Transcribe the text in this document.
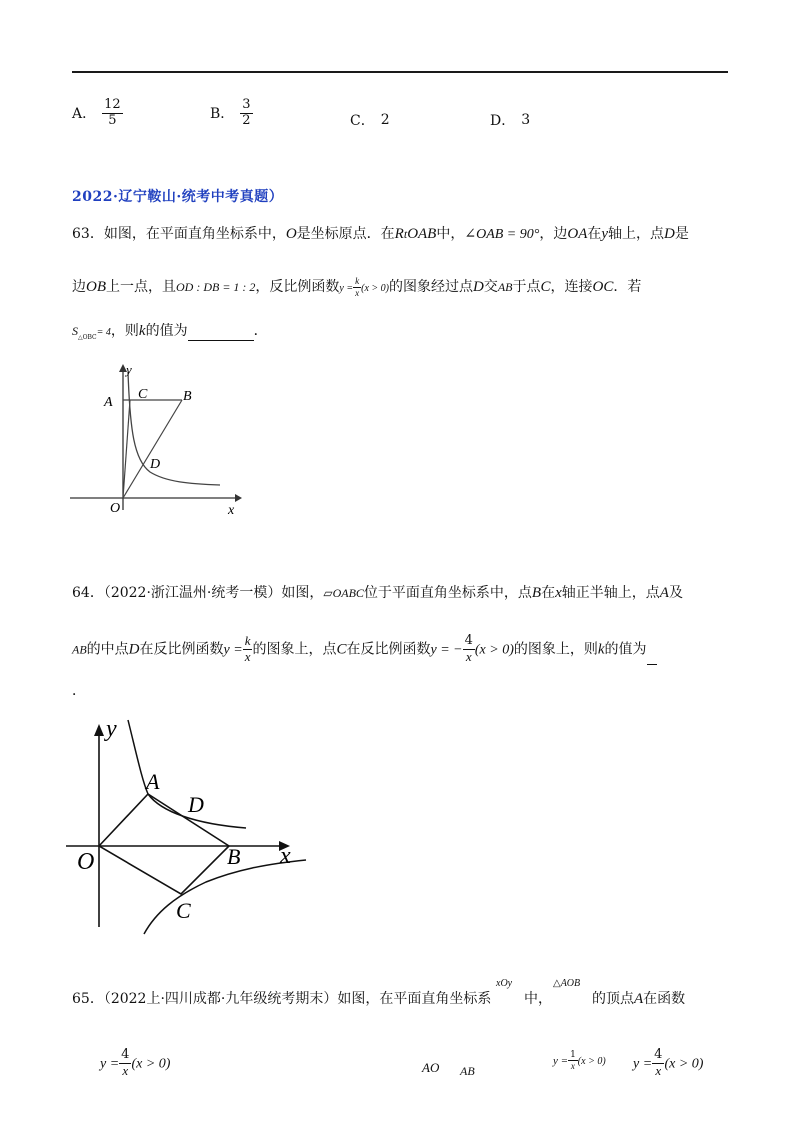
A． $\frac{12}{5}$	B． $\frac{3}{2}$	C． 2	D． 3
2022·辽宁鞍山·统考中考真题）
63．如图，在平面直角坐标系中，O是坐标原点．在RtOAB中，∠OAB = 90°，边OA在y轴上，点D是
边OB上一点，且OD : DB = 1 : 2，反比例函数$y = \frac{k}{x} (x > 0)$的图象经过点D交AB于点C，连接OC．若
$S_{\triangle OBC}= 4$，则k的值为	．
y
A
C	B
D
O	x
64．（2022·浙江温州·统考一模）如图，▱OABC位于平面直角坐标系中，点B在x轴正半轴上，点A及
AB的中点D在反比例函数$y = \frac{k}{x}$ 的图象上，点C在反比例函数y = − $\frac{4}{x} (x > 0)$的图象上，则k的值为
．
y
A
D
O	B x
C
65．（2022上·四川成都·九年级统考期末）如图，在平面直角坐标系
xOy
中，
△AOB
的顶点A在函数
$y = \frac{4}{x} (x > 0)$	AO AB
$y = \frac{1}{x} (x > 0) y = \frac{4}{x} (x > 0)$
